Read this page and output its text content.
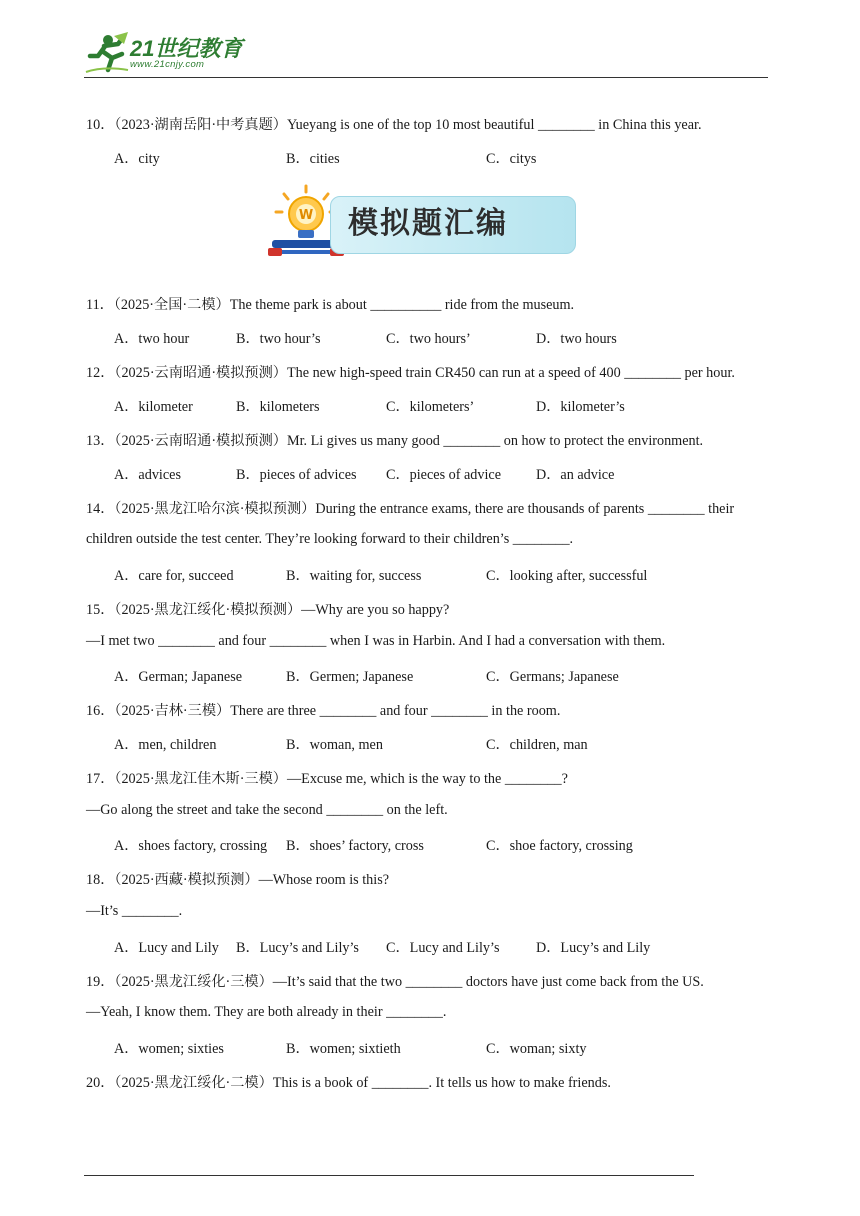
21世纪教育
www.21cnjy.com
10．（2023·湖南岳阳·中考真题）Yueyang is one of the top 10 most beautiful ________ in China this year.
A．city	B．cities	C．citys
W 模拟题汇编
11．（2025·全国·二模）The theme park is about __________ ride from the museum.
A．two hour	B．two hour’s	C．two hours’	D．two hours
12．（2025·云南昭通·模拟预测）The new high-speed train CR450 can run at a speed of 400 ________ per hour.
A．kilometer	B．kilometers	C．kilometers’	D．kilometer’s
13．（2025·云南昭通·模拟预测）Mr. Li gives us many good ________ on how to protect the environment.
A．advices	B．pieces of advices C．pieces of advice D．an advice
14．（2025·黑龙江哈尔滨·模拟预测）During the entrance exams, there are thousands of parents ________ their
children outside the test center. They’re looking forward to their children’s ________.
A．care for, succeed	B．waiting for, success	C．looking after, successful
15．（2025·黑龙江绥化·模拟预测）—Why are you so happy?
—I met two ________ and four ________ when I was in Harbin. And I had a conversation with them.
A．German; Japanese	B．Germen; Japanese	C．Germans; Japanese
16．（2025·吉林·三模）There are three ________ and four ________ in the room.
A．men, children	B．woman, men	C．children, man
17．（2025·黑龙江佳木斯·三模）—Excuse me, which is the way to the ________?
—Go along the street and take the second ________ on the left.
A．shoes factory, crossing B．shoes’ factory, cross	C．shoe factory, crossing
18．（2025·西藏·模拟预测）—Whose room is this?
—It’s ________.
A．Lucy and Lily B．Lucy’s and Lily’s C．Lucy and Lily’s	D．Lucy’s and Lily
19．（2025·黑龙江绥化·三模）—It’s said that the two ________ doctors have just come back from the US.
—Yeah, I know them. They are both already in their ________.
A．women; sixties	B．women; sixtieth	C．woman; sixty
20．（2025·黑龙江绥化·二模）This is a book of ________. It tells us how to make friends.
